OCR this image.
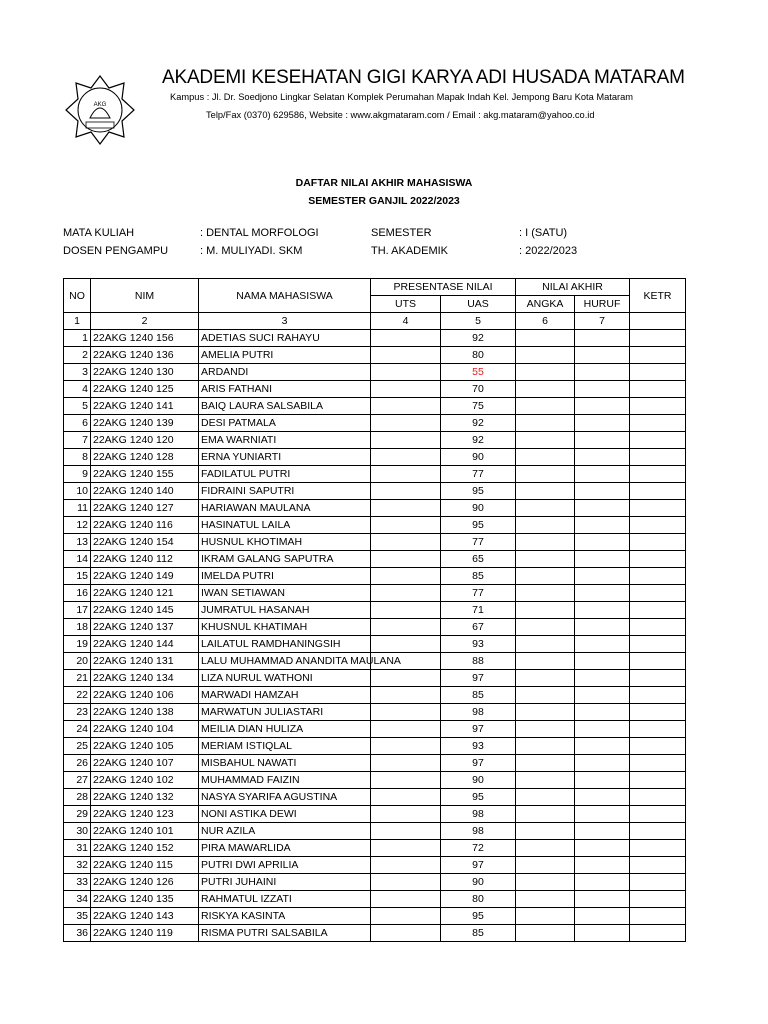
AKG
AKADEMI KESEHATAN GIGI KARYA ADI HUSADA MATARAM
Kampus : Jl. Dr. Soedjono Lingkar Selatan Komplek Perumahan Mapak Indah Kel. Jempong Baru Kota Mataram
Telp/Fax (0370) 629586, Website : www.akgmataram.com / Email : akg.mataram@yahoo.co.id
DAFTAR NILAI AKHIR MAHASISWA
SEMESTER GANJIL 2022/2023
MATA KULIAH	: DENTAL MORFOLOGI	SEMESTER	: I (SATU)
DOSEN PENGAMPU	: M. MULIYADI. SKM	TH. AKADEMIK	: 2022/2023
NO	NIM	NAMA MAHASISWA	PRESENTASE NILAI		NILAI AKHIR		KETR
			UTS	UAS	ANGKA	HURUF	
1	2	3	4	5	6	7	
1	22AKG 1240 156	ADETIAS SUCI RAHAYU		92			
2	22AKG 1240 136	AMELIA PUTRI		80			
3	22AKG 1240 130	ARDANDI		55			
4	22AKG 1240 125	ARIS FATHANI		70			
5	22AKG 1240 141	BAIQ LAURA SALSABILA		75			
6	22AKG 1240 139	DESI PATMALA		92			
7	22AKG 1240 120	EMA WARNIATI		92			
8	22AKG 1240 128	ERNA YUNIARTI		90			
9	22AKG 1240 155	FADILATUL PUTRI		77			
10	22AKG 1240 140	FIDRAINI SAPUTRI		95			
11	22AKG 1240 127	HARIAWAN MAULANA		90			
12	22AKG 1240 116	HASINATUL LAILA		95			
13	22AKG 1240 154	HUSNUL KHOTIMAH		77			
14	22AKG 1240 112	IKRAM GALANG SAPUTRA		65			
15	22AKG 1240 149	IMELDA PUTRI		85			
16	22AKG 1240 121	IWAN SETIAWAN		77			
17	22AKG 1240 145	JUMRATUL HASANAH		71			
18	22AKG 1240 137	KHUSNUL KHATIMAH		67			
19	22AKG 1240 144	LAILATUL RAMDHANINGSIH		93			
20	22AKG 1240 131	LALU MUHAMMAD ANANDITA MAULANA		88			
21	22AKG 1240 134	LIZA NURUL WATHONI		97			
22	22AKG 1240 106	MARWADI HAMZAH		85			
23	22AKG 1240 138	MARWATUN JULIASTARI		98			
24	22AKG 1240 104	MEILIA DIAN HULIZA		97			
25	22AKG 1240 105	MERIAM ISTIQLAL		93			
26	22AKG 1240 107	MISBAHUL NAWATI		97			
27	22AKG 1240 102	MUHAMMAD FAIZIN		90			
28	22AKG 1240 132	NASYA SYARIFA AGUSTINA		95			
29	22AKG 1240 123	NONI ASTIKA DEWI		98			
30	22AKG 1240 101	NUR AZILA		98			
31	22AKG 1240 152	PIRA MAWARLIDA		72			
32	22AKG 1240 115	PUTRI DWI APRILIA		97			
33	22AKG 1240 126	PUTRI JUHAINI		90			
34	22AKG 1240 135	RAHMATUL IZZATI		80			
35	22AKG 1240 143	RISKYA KASINTA		95			
36	22AKG 1240 119	RISMA PUTRI SALSABILA		85			
